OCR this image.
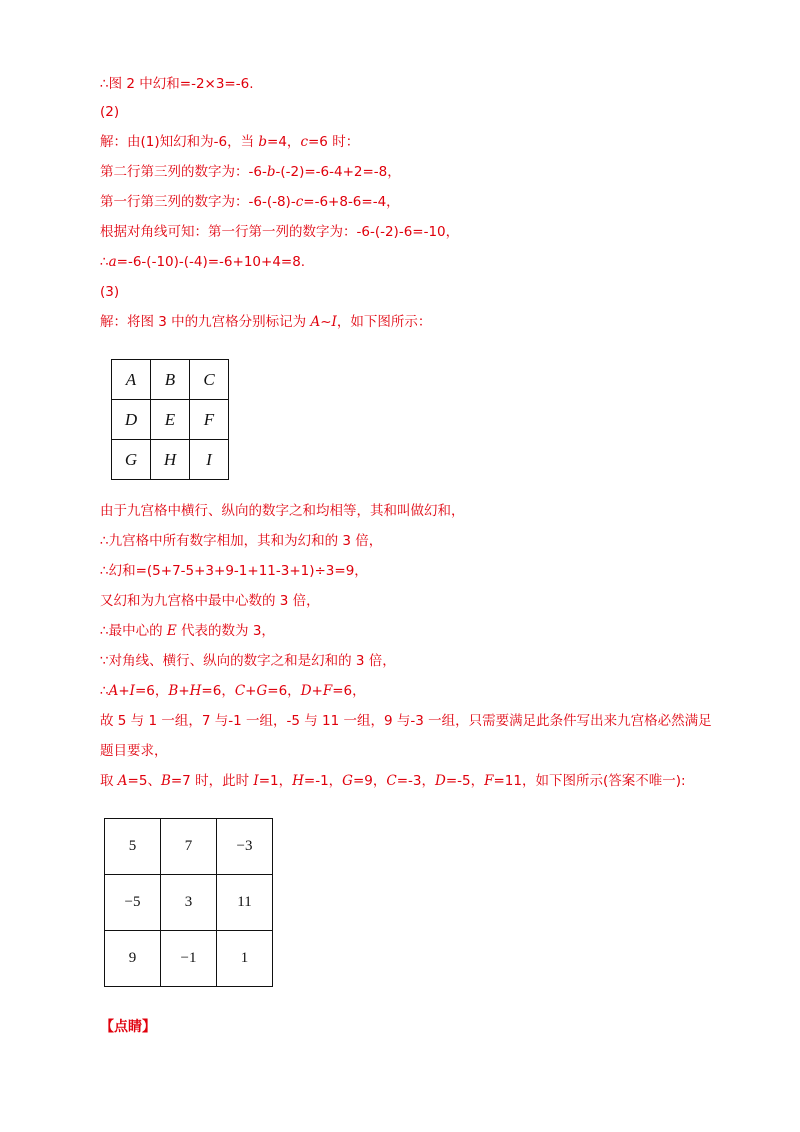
∴图 2 中幻和=-2×3=-6.
(2)
解：由(1)知幻和为-6，当 b=4，c=6 时：
第二行第三列的数字为：-6-b-(-2)=-6-4+2=-8，
第一行第三列的数字为：-6-(-8)-c=-6+8-6=-4，
根据对角线可知：第一行第一列的数字为：-6-(-2)-6=-10，
∴a=-6-(-10)-(-4)=-6+10+4=8.
(3)
解：将图 3 中的九宫格分别标记为 A~I，如下图所示：
由于九宫格中横行、纵向的数字之和均相等，其和叫做幻和，
∴九宫格中所有数字相加，其和为幻和的 3 倍，
∴幻和=(5+7-5+3+9-1+11-3+1)÷3=9，
又幻和为九宫格中最中心数的 3 倍，
∴最中心的 E 代表的数为 3，
∵对角线、横行、纵向的数字之和是幻和的 3 倍，
∴A+I=6，B+H=6，C+G=6，D+F=6，
故 5 与 1 一组，7 与-1 一组，-5 与 11 一组，9 与-3 一组，只需要满足此条件写出来九宫格必然满足
题目要求，
取 A=5、B=7 时，此时 I=1，H=-1，G=9，C=-3，D=-5，F=11，如下图所示(答案不唯一):
A	B	C
D	E	F
G	H	I
5	7	−3
−5	3	11
9	−1	1
【点睛】
